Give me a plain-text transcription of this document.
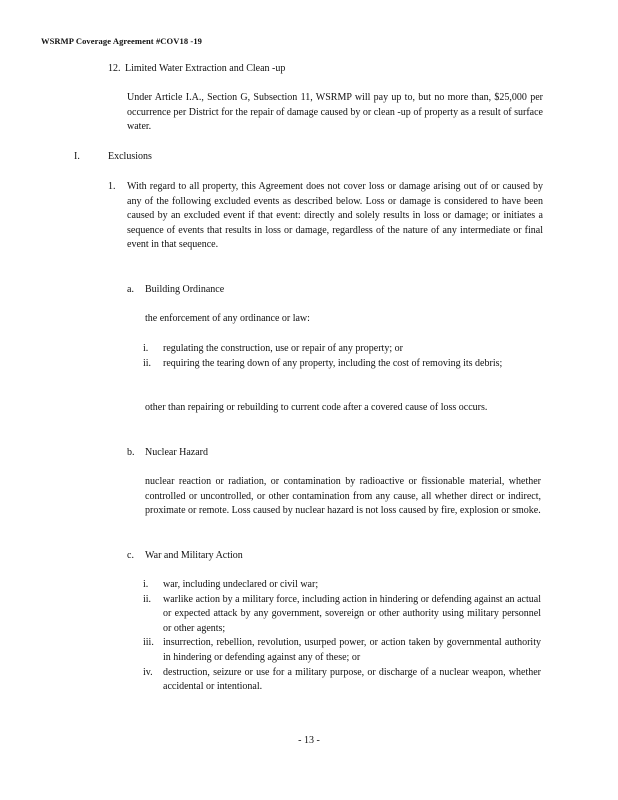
WSRMP Coverage Agreement #COV18 -19
12. Limited Water Extraction and Clean -up
Under Article I.A., Section G, Subsection 11, WSRMP will pay up to, but no more than, $25,000 per occurrence per District for the repair of damage caused by or clean -up of property as a result of surface water.
I.	Exclusions
1. With regard to all property, this Agreement does not cover loss or damage arising out of or caused by any of the following excluded events as described below. Loss or damage is considered to have been caused by an excluded event if that event: directly and solely results in loss or damage; or initiates a sequence of events that results in loss or damage, regardless of the nature of any intermediate or final event in that sequence.
a. Building Ordinance
the enforcement of any ordinance or law:
i. regulating the construction, use or repair of any property; or
ii. requiring the tearing down of any property, including the cost of removing its debris;
other than repairing or rebuilding to current code after a covered cause of loss occurs.
b. Nuclear Hazard
nuclear reaction or radiation, or contamination by radioactive or fissionable material, whether controlled or uncontrolled, or other contamination from any cause, all whether direct or indirect, proximate or remote. Loss caused by nuclear hazard is not loss caused by fire, explosion or smoke.
c. War and Military Action
i. war, including undeclared or civil war;
ii. warlike action by a military force, including action in hindering or defending against an actual or expected attack by any government, sovereign or other authority using military personnel or other agents;
iii. insurrection, rebellion, revolution, usurped power, or action taken by governmental authority in hindering or defending against any of these; or
iv. destruction, seizure or use for a military purpose, or discharge of a nuclear weapon, whether accidental or intentional.
- 13 -
